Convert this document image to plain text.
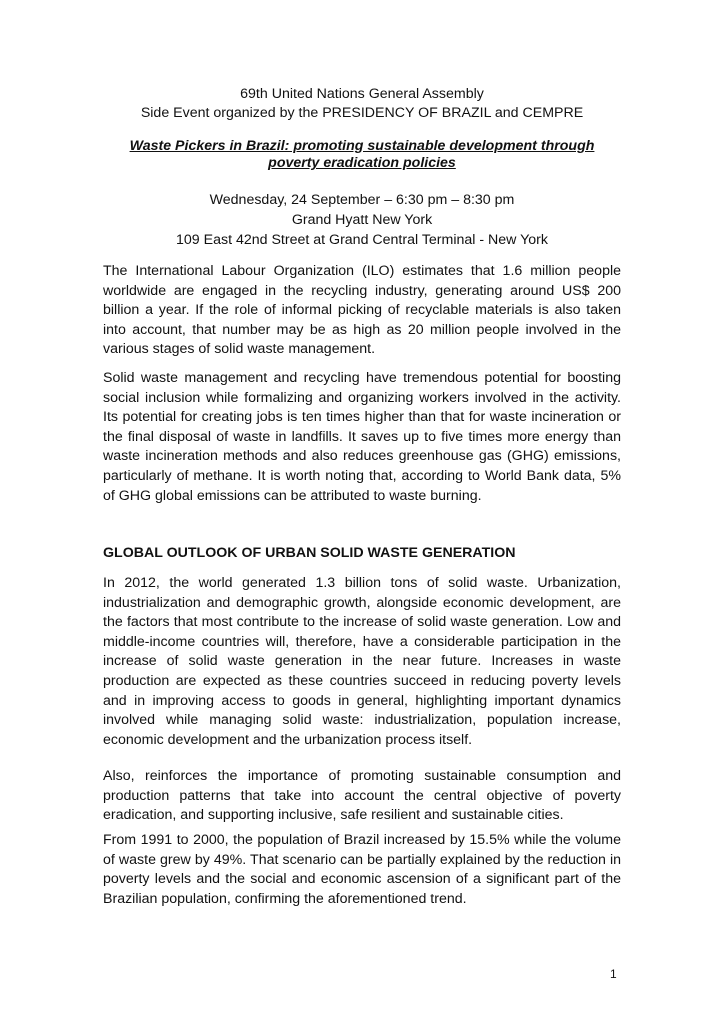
69th United Nations General Assembly
Side Event organized by the PRESIDENCY OF BRAZIL and CEMPRE
Waste Pickers in Brazil: promoting sustainable development through
poverty eradication policies
Wednesday, 24 September – 6:30 pm – 8:30 pm
Grand Hyatt New York
109 East 42nd Street at Grand Central Terminal - New York

The International Labour Organization (ILO) estimates that 1.6 million people worldwide are engaged in the recycling industry, generating around US$ 200 billion a year. If the role of informal picking of recyclable materials is also taken into account, that number may be as high as 20 million people involved in the various stages of solid waste management.

Solid waste management and recycling have tremendous potential for boosting social inclusion while formalizing and organizing workers involved in the activity. Its potential for creating jobs is ten times higher than that for waste incineration or the final disposal of waste in landfills. It saves up to five times more energy than waste incineration methods and also reduces greenhouse gas (GHG) emissions, particularly of methane. It is worth noting that, according to World Bank data, 5% of GHG global emissions can be attributed to waste burning.

GLOBAL OUTLOOK OF URBAN SOLID WASTE GENERATION

In 2012, the world generated 1.3 billion tons of solid waste. Urbanization, industrialization and demographic growth, alongside economic development, are the factors that most contribute to the increase of solid waste generation. Low and middle-income countries will, therefore, have a considerable participation in the increase of solid waste generation in the near future. Increases in waste production are expected as these countries succeed in reducing poverty levels and in improving access to goods in general, highlighting important dynamics involved while managing solid waste: industrialization, population increase, economic development and the urbanization process itself.

Also, reinforces the importance of promoting sustainable consumption and production patterns that take into account the central objective of poverty eradication, and supporting inclusive, safe resilient and sustainable cities.

From 1991 to 2000, the population of Brazil increased by 15.5% while the volume of waste grew by 49%. That scenario can be partially explained by the reduction in poverty levels and the social and economic ascension of a significant part of the Brazilian population, confirming the aforementioned trend.

1
